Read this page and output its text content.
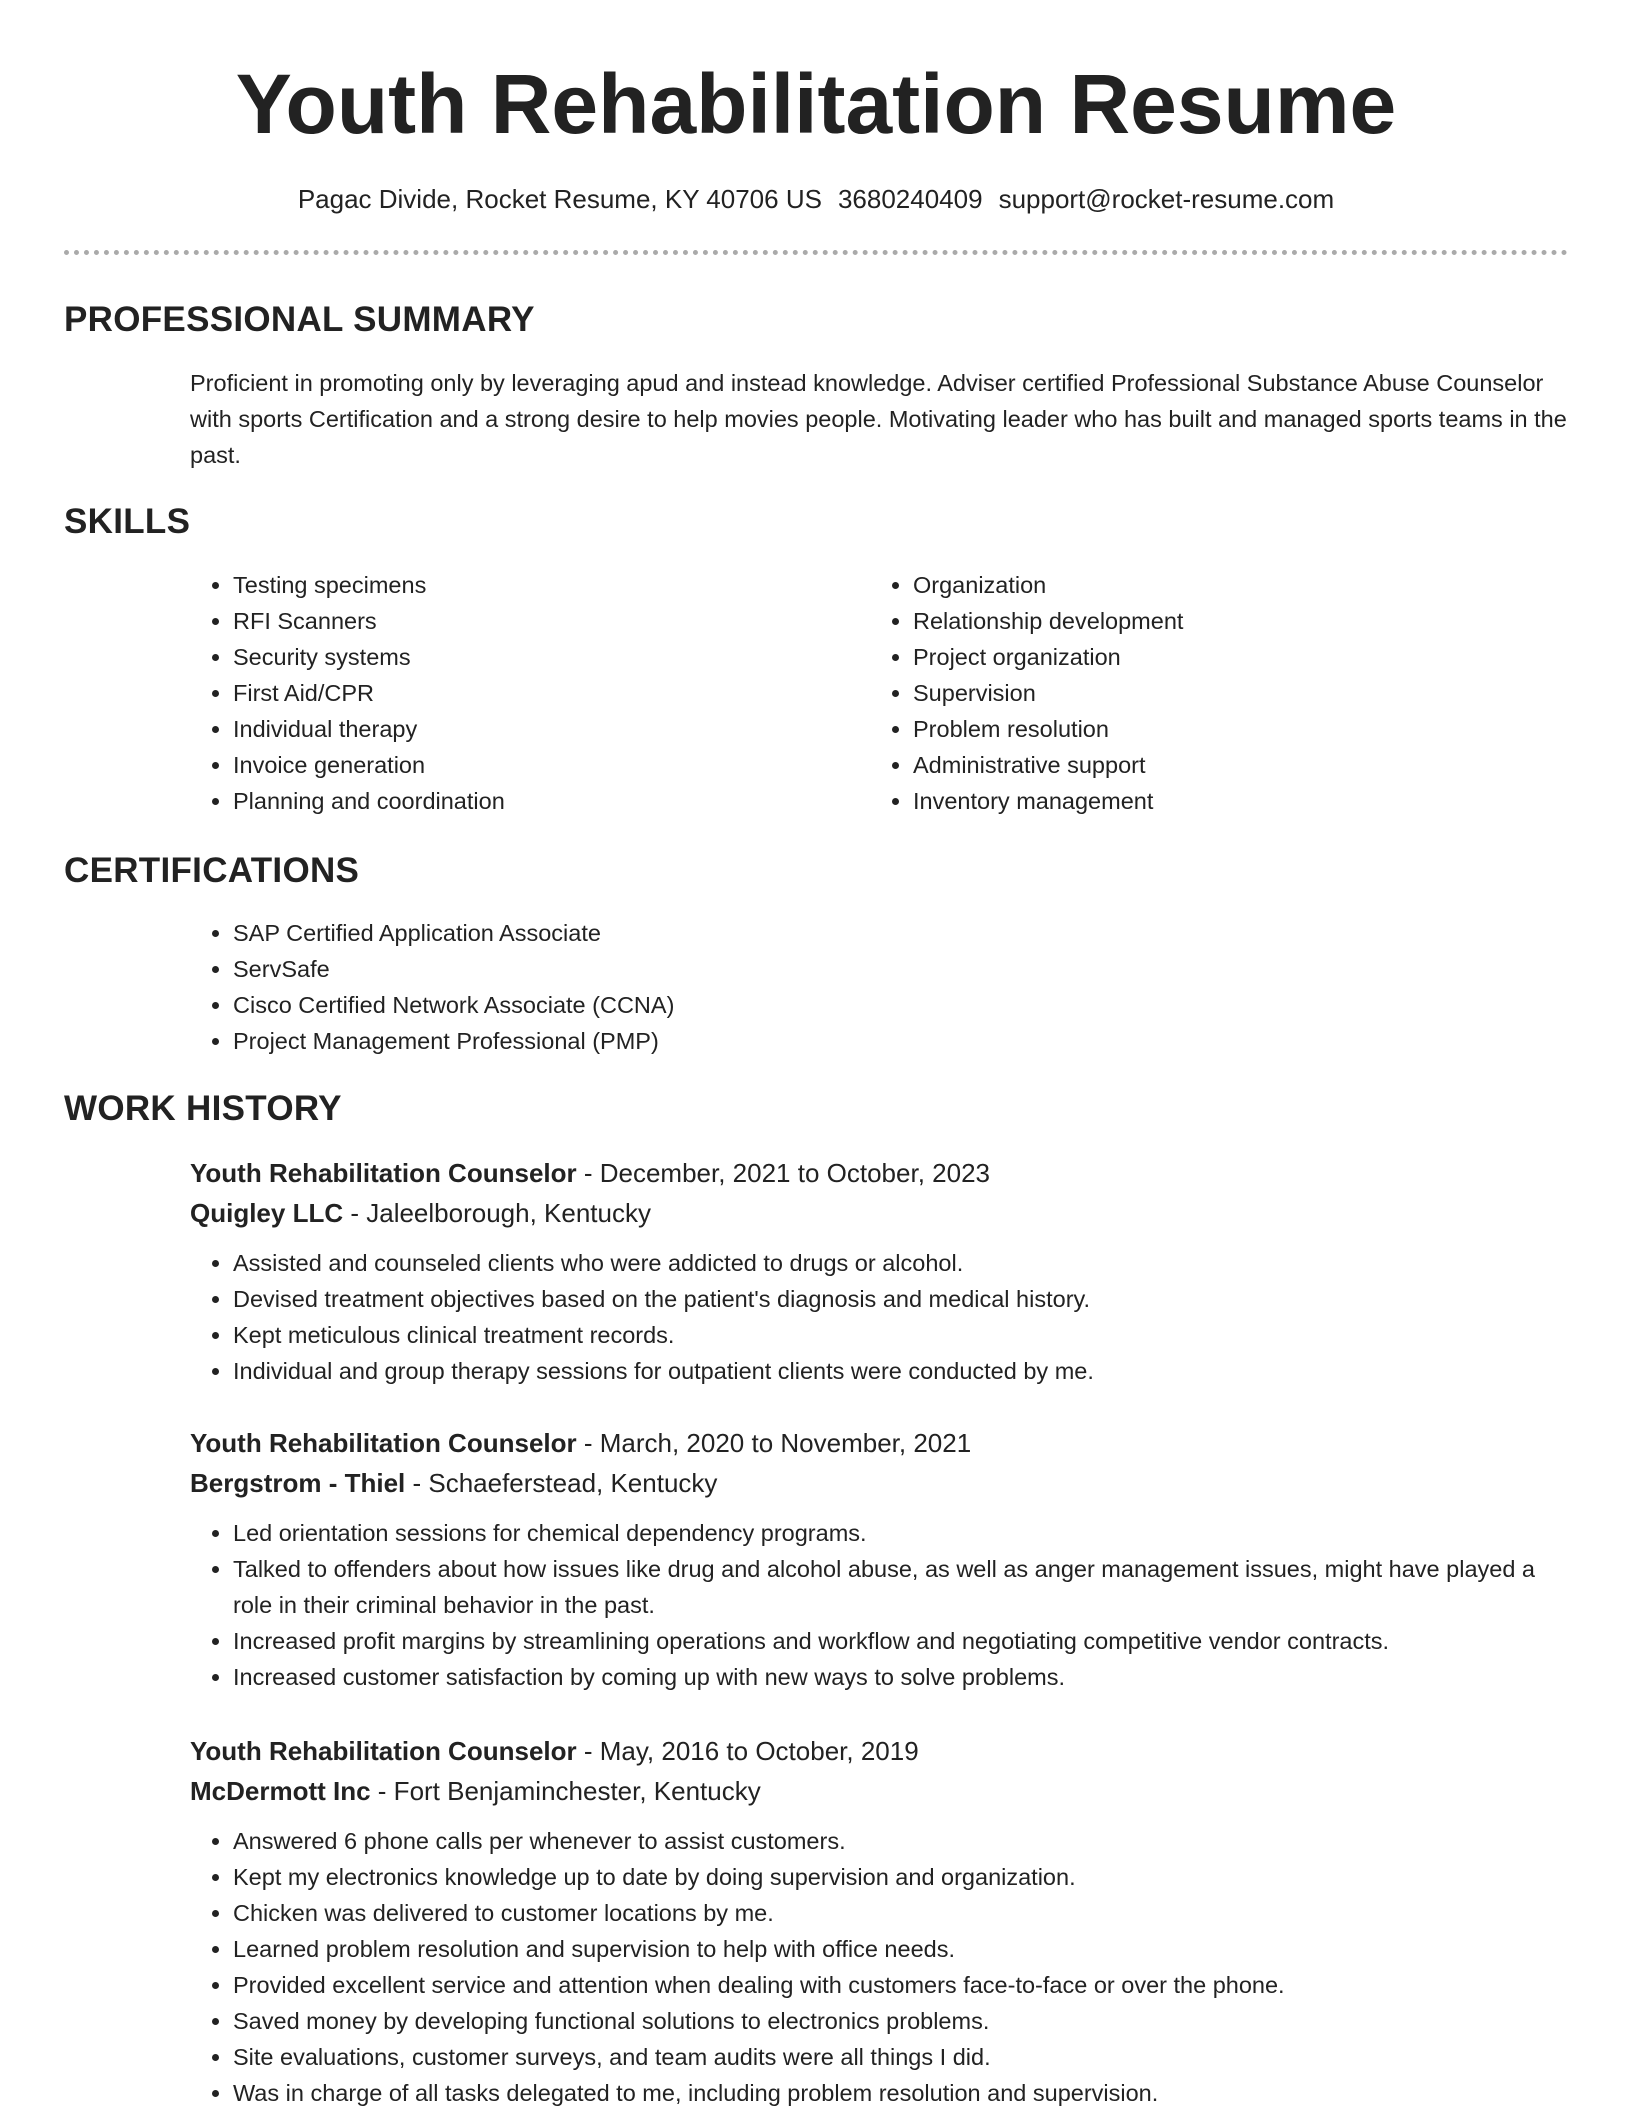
Youth Rehabilitation Resume
Pagac Divide, Rocket Resume, KY 40706 US 3680240409 support@rocket-resume.com
PROFESSIONAL SUMMARY

Proficient in promoting only by leveraging apud and instead knowledge. Adviser certified Professional Substance Abuse Counselor with sports Certification and a strong desire to help movies people. Motivating leader who has built and managed sports teams in the past.

SKILLS
• Testing specimens
• RFI Scanners
• Security systems
• First Aid/CPR
• Individual therapy
• Invoice generation
• Planning and coordination
• Organization
• Relationship development
• Project organization
• Supervision
• Problem resolution
• Administrative support
• Inventory management
CERTIFICATIONS
• SAP Certified Application Associate
• ServSafe
• Cisco Certified Network Associate (CCNA)
• Project Management Professional (PMP)
WORK HISTORY

Youth Rehabilitation Counselor - December, 2021 to October, 2023

Quigley LLC - Jaleelborough, Kentucky

• Assisted and counseled clients who were addicted to drugs or alcohol.
• Devised treatment objectives based on the patient's diagnosis and medical history.
• Kept meticulous clinical treatment records.
• Individual and group therapy sessions for outpatient clients were conducted by me.

Youth Rehabilitation Counselor - March, 2020 to November, 2021

Bergstrom - Thiel - Schaeferstead, Kentucky

• Led orientation sessions for chemical dependency programs.
• Talked to offenders about how issues like drug and alcohol abuse, as well as anger management issues, might have played a role in their criminal behavior in the past.
• Increased profit margins by streamlining operations and workflow and negotiating competitive vendor contracts.
• Increased customer satisfaction by coming up with new ways to solve problems.

Youth Rehabilitation Counselor - May, 2016 to October, 2019

McDermott Inc - Fort Benjaminchester, Kentucky

• Answered 6 phone calls per whenever to assist customers.
• Kept my electronics knowledge up to date by doing supervision and organization.
• Chicken was delivered to customer locations by me.
• Learned problem resolution and supervision to help with office needs.
• Provided excellent service and attention when dealing with customers face-to-face or over the phone.
• Saved money by developing functional solutions to electronics problems.
• Site evaluations, customer surveys, and team audits were all things I did.
• Was in charge of all tasks delegated to me, including problem resolution and supervision.
